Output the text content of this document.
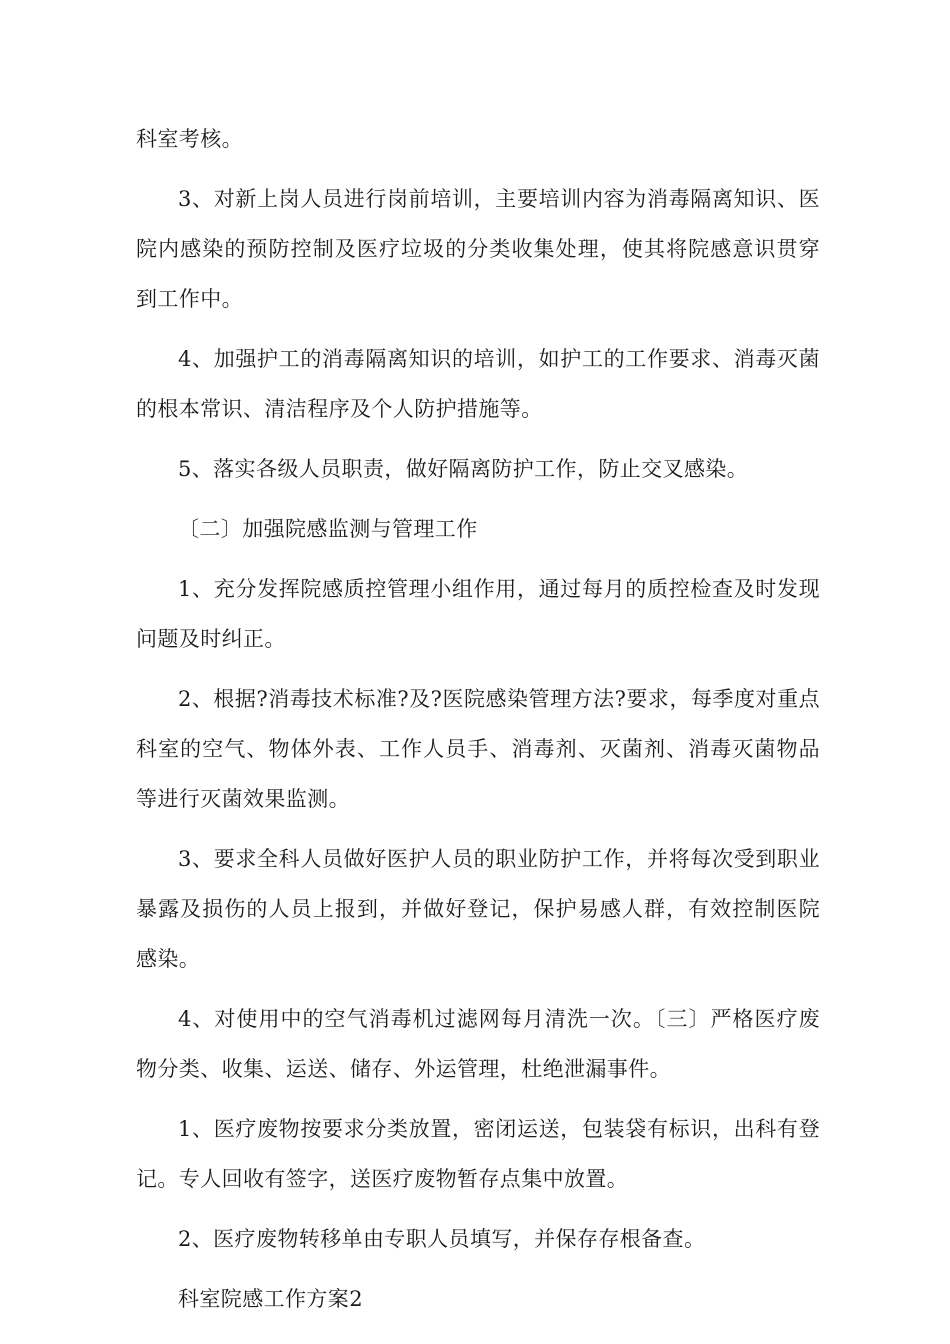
科室考核。

3、对新上岗人员进行岗前培训，主要培训内容为消毒隔离知识、医院内感染的预防控制及医疗垃圾的分类收集处理，使其将院感意识贯穿到工作中。

4、加强护工的消毒隔离知识的培训，如护工的工作要求、消毒灭菌的根本常识、清洁程序及个人防护措施等。

5、落实各级人员职责，做好隔离防护工作，防止交叉感染。

〔二〕加强院感监测与管理工作

1、充分发挥院感质控管理小组作用，通过每月的质控检查及时发现问题及时纠正。

2、根据?消毒技术标准?及?医院感染管理方法?要求，每季度对重点科室的空气、物体外表、工作人员手、消毒剂、灭菌剂、消毒灭菌物品等进行灭菌效果监测。

3、要求全科人员做好医护人员的职业防护工作，并将每次受到职业暴露及损伤的人员上报到，并做好登记，保护易感人群，有效控制医院感染。

4、对使用中的空气消毒机过滤网每月清洗一次。〔三〕严格医疗废物分类、收集、运送、储存、外运管理，杜绝泄漏事件。

1、医疗废物按要求分类放置，密闭运送，包装袋有标识，出科有登记。专人回收有签字，送医疗废物暂存点集中放置。

2、医疗废物转移单由专职人员填写，并保存存根备查。

科室院感工作方案2
